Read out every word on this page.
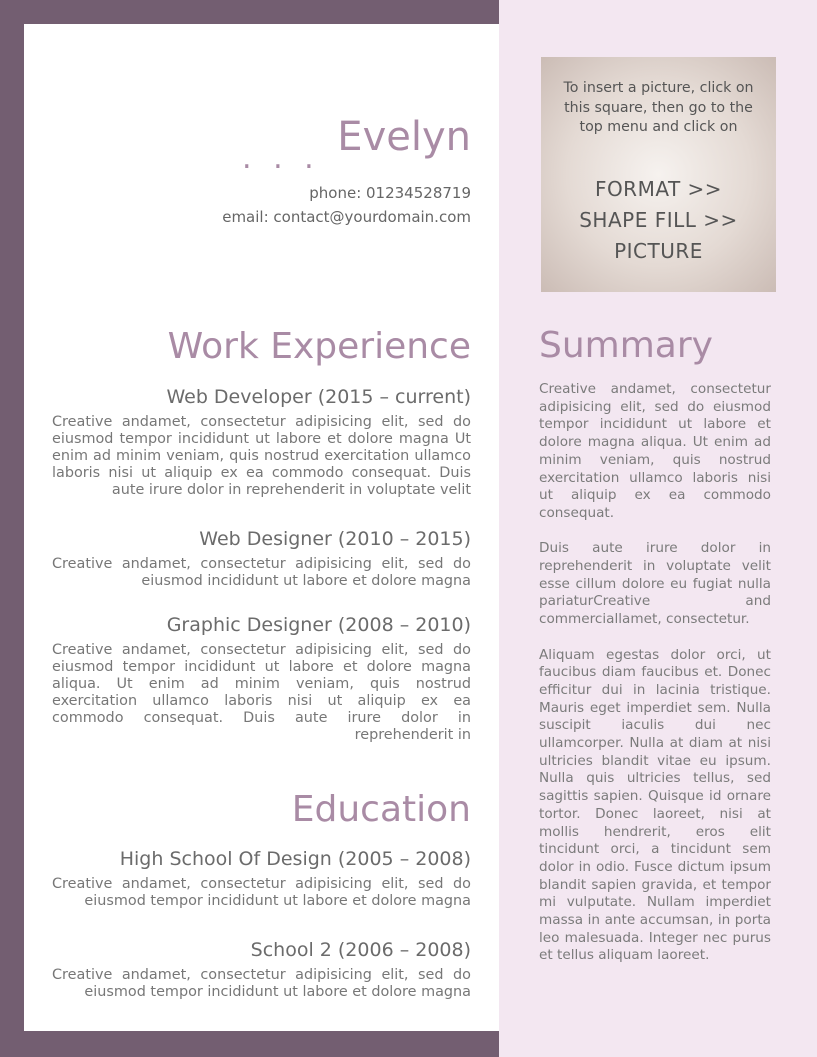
. . . Evelyn
phone: 01234528719
email: contact@yourdomain.com
Work Experience
Web Developer (2015 – current)
Creative andamet, consectetur adipisicing elit, sed do eiusmod tempor incididunt ut labore et dolore magna Ut enim ad minim veniam, quis nostrud exercitation ullamco laboris nisi ut aliquip ex ea commodo consequat. Duis aute irure dolor in reprehenderit in voluptate velit
Web Designer (2010 – 2015)
Creative andamet, consectetur adipisicing elit, sed do eiusmod incididunt ut labore et dolore magna
Graphic Designer (2008 – 2010)
Creative andamet, consectetur adipisicing elit, sed do eiusmod tempor incididunt ut labore et dolore magna aliqua. Ut enim ad minim veniam, quis nostrud exercitation ullamco laboris nisi ut aliquip ex ea commodo consequat. Duis aute irure dolor in reprehenderit in
Education
High School Of Design (2005 – 2008)
Creative andamet, consectetur adipisicing elit, sed do eiusmod tempor incididunt ut labore et dolore magna
School 2 (2006 – 2008)
Creative andamet, consectetur adipisicing elit, sed do eiusmod tempor incididunt ut labore et dolore magna
To insert a picture, click on this square, then go to the top menu and click on
FORMAT >>
SHAPE FILL >>
PICTURE
Summary

Creative andamet, consectetur adipisicing elit, sed do eiusmod tempor incididunt ut labore et dolore magna aliqua. Ut enim ad minim veniam, quis nostrud exercitation ullamco laboris nisi ut aliquip ex ea commodo consequat.

Duis aute irure dolor in reprehenderit in voluptate velit esse cillum dolore eu fugiat nulla pariaturCreative and commerciallamet, consectetur.

Aliquam egestas dolor orci, ut faucibus diam faucibus et. Donec efficitur dui in lacinia tristique. Mauris eget imperdiet sem. Nulla suscipit iaculis dui nec ullamcorper. Nulla at diam at nisi ultricies blandit vitae eu ipsum. Nulla quis ultricies tellus, sed sagittis sapien. Quisque id ornare tortor. Donec laoreet, nisi at mollis hendrerit, eros elit tincidunt orci, a tincidunt sem dolor in odio. Fusce dictum ipsum blandit sapien gravida, et tempor mi vulputate. Nullam imperdiet massa in ante accumsan, in porta leo malesuada. Integer nec purus et tellus aliquam laoreet.
